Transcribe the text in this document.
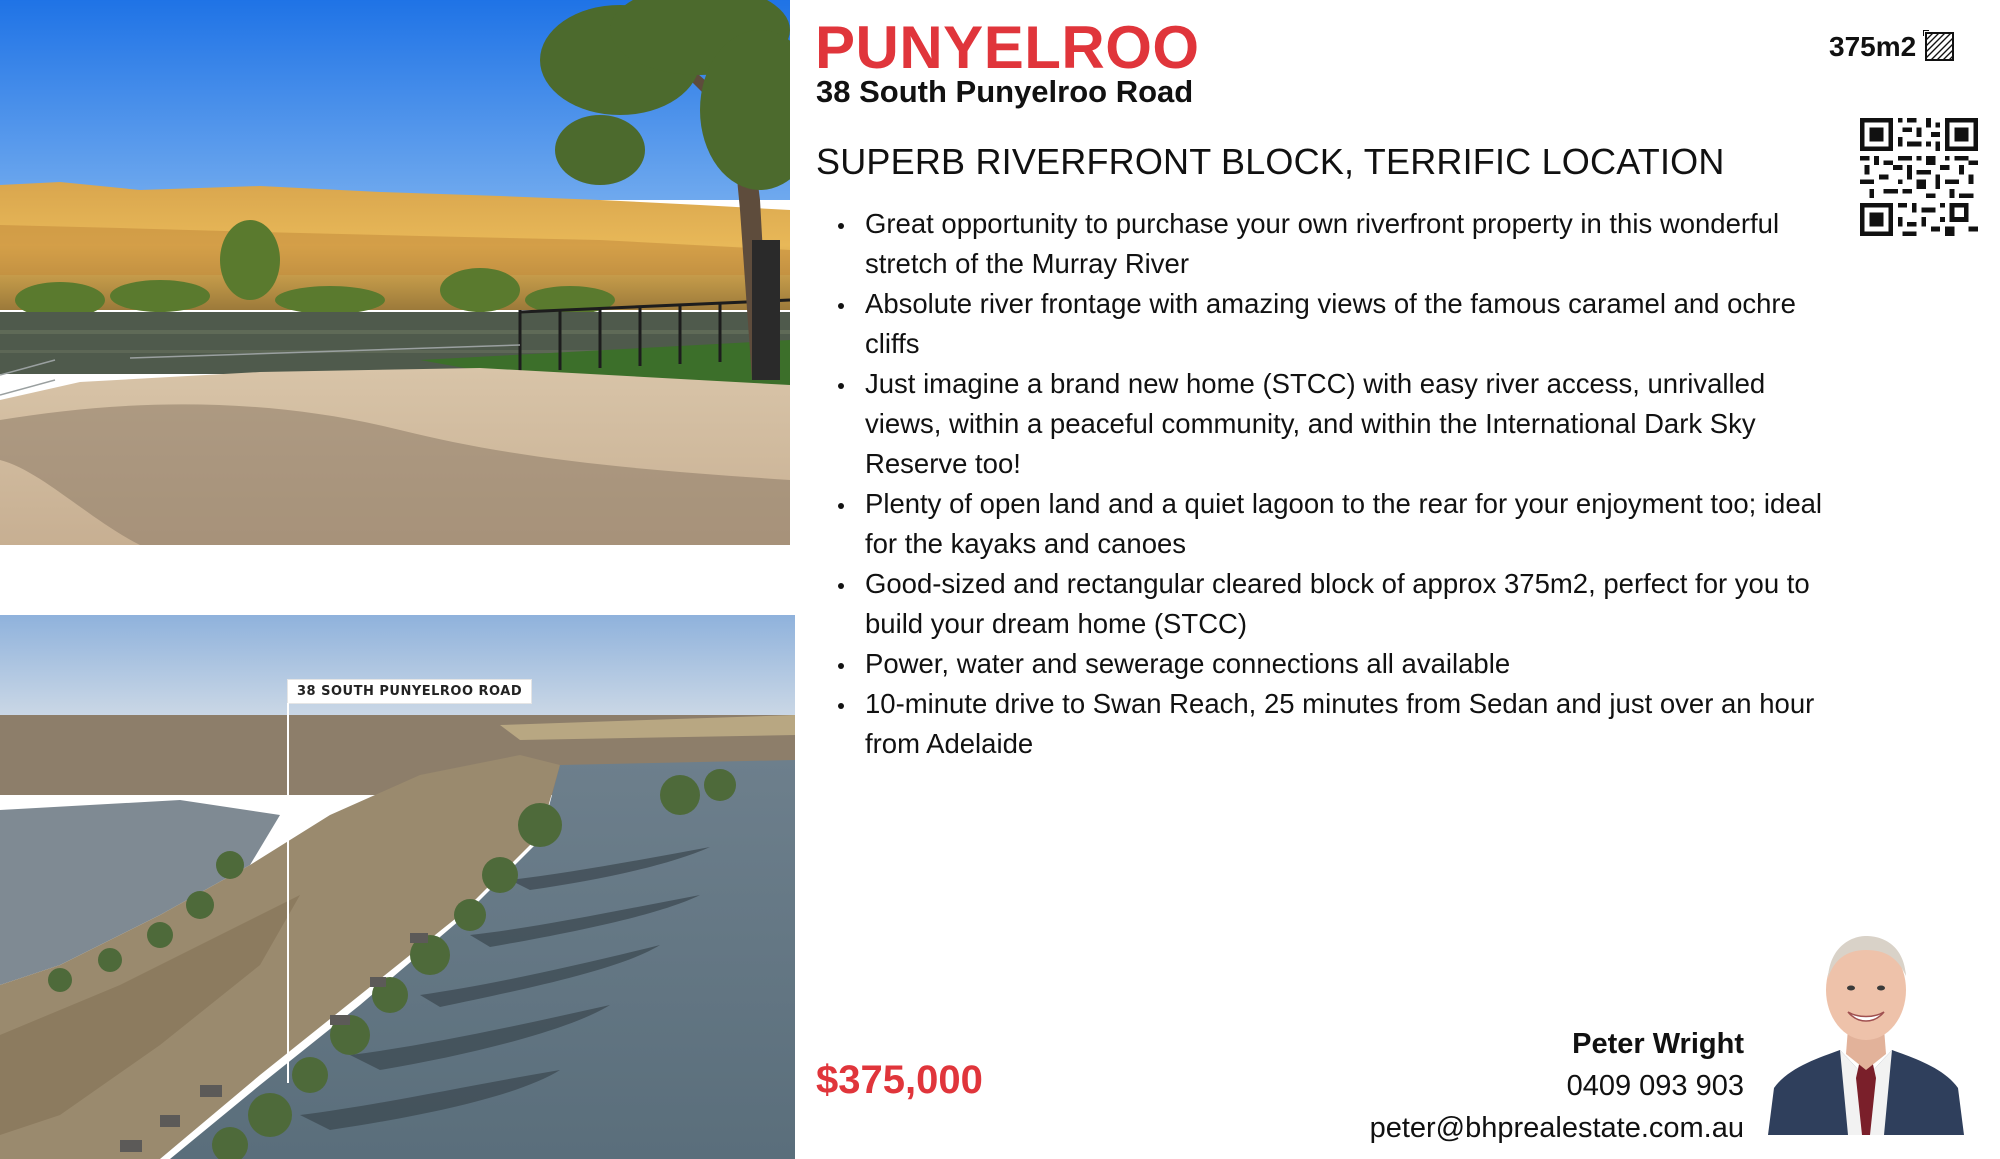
38 SOUTH PUNYELROO ROAD
PUNYELROO
38 South Punyelroo Road
375m2
SUPERB RIVERFRONT BLOCK, TERRIFIC LOCATION
Great opportunity to purchase your own riverfront property in this wonderful stretch of the Murray River
Absolute river frontage with amazing views of the famous caramel and ochre cliffs
Just imagine a brand new home (STCC) with easy river access, unrivalled views, within a peaceful community, and within the International Dark Sky Reserve too!
Plenty of open land and a quiet lagoon to the rear for your enjoyment too; ideal for the kayaks and canoes
Good-sized and rectangular cleared block of approx 375m2, perfect for you to build your dream home (STCC)
Power, water and sewerage connections all available
10-minute drive to Swan Reach, 25 minutes from Sedan and just over an hour from Adelaide
$375,000
Peter Wright
0409 093 903
peter@bhprealestate.com.au
